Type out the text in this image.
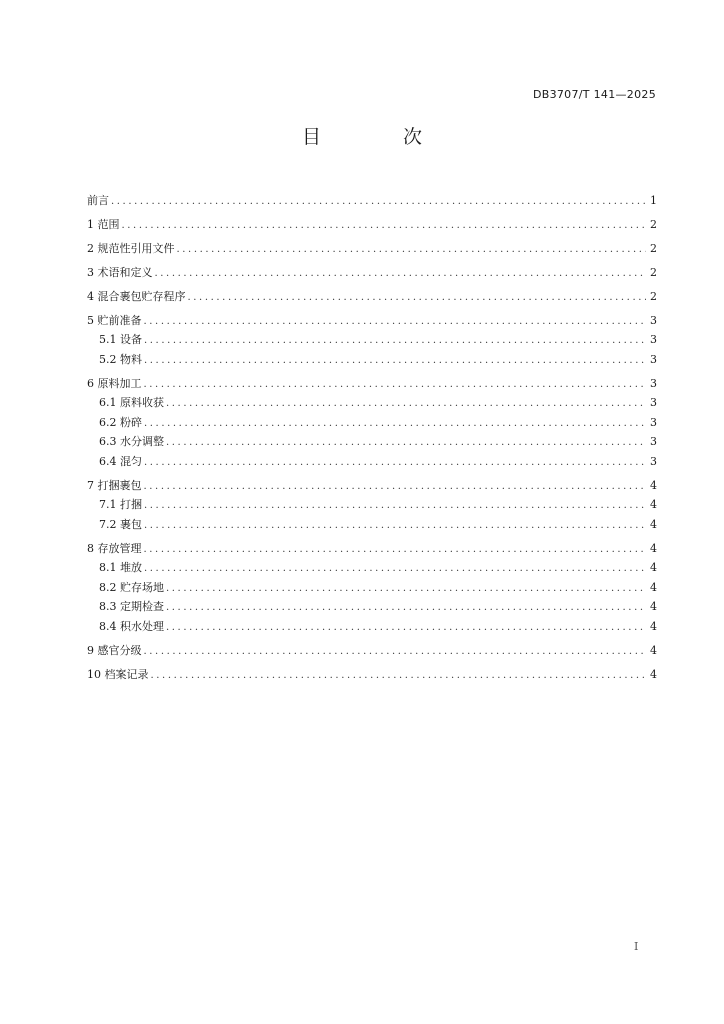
DB3707/T 141—2025
目 次
前言 .....	1
1 范围 .....	2
2 规范性引用文件 .....	2
3 术语和定义 .....	2
4 混合裹包贮存程序 .....	2
5 贮前准备 .....	3
5.1 设备 .....	3
5.2 物料 .....	3
6 原料加工 .....	3
6.1 原料收获 .....	3
6.2 粉碎 .....	3
6.3 水分调整 .....	3
6.4 混匀 .....	3
7 打捆裹包 .....	4
7.1 打捆 .....	4
7.2 裹包 .....	4
8 存放管理 .....	4
8.1 堆放 .....	4
8.2 贮存场地 .....	4
8.3 定期检查 .....	4
8.4 积水处理 .....	4
9 感官分级 .....	4
10 档案记录 .....	4
I
